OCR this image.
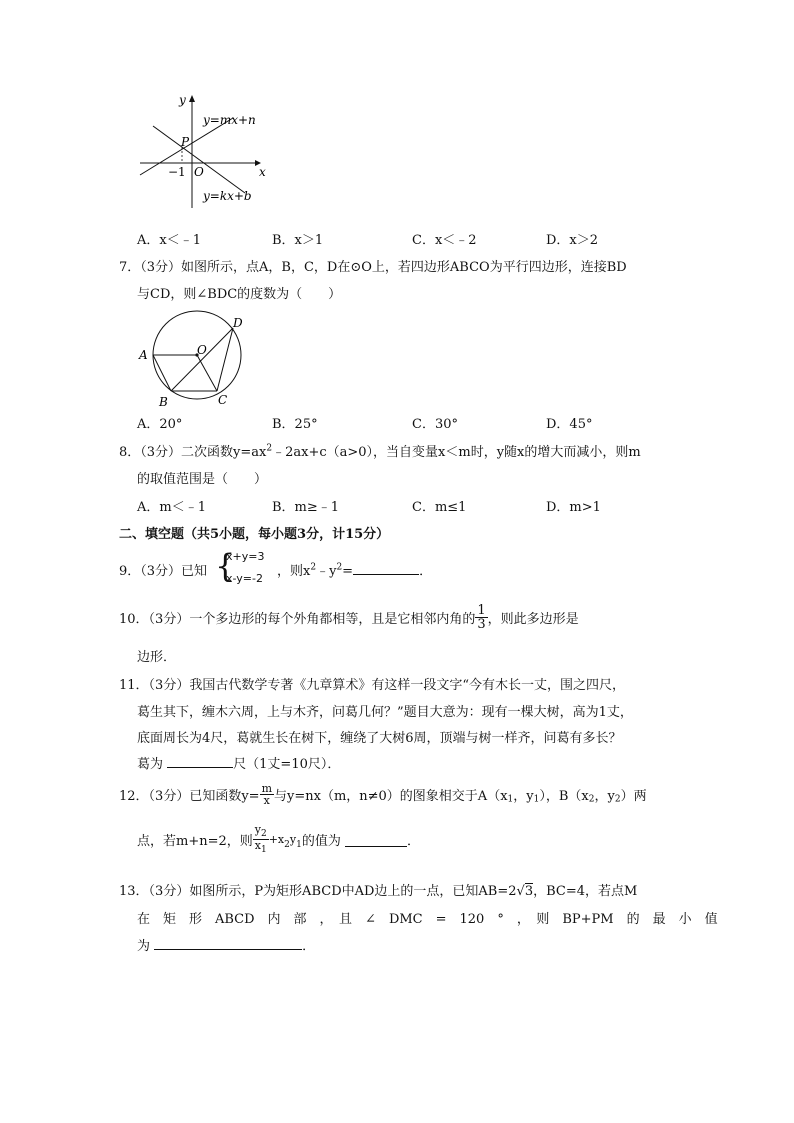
y
x
P
O
−1
y=mx+n
y=kx+b
A．x＜﹣1	B．x＞1	C．x＜﹣2	D．x＞2
7．（3分）如图所示，点A，B，C，D在⊙O上，若四边形ABCO为平行四边形，连接BD
与CD，则∠BDC的度数为（　　）
A
B	C
D
O
A．20°	B．25°	C．30°	D．45°
8．（3分）二次函数$y=ax^2﹣2ax+c(a>0)$，当自变量x＜m时，y随x的增大而减小，则m
的取值范围是（　　）
A．m＜﹣1	B．m≥﹣1	C．m≤1	D．m>1
二、填空题（共5小题，每小题3分，计15分）
9．（3分）已知 {
x+y=3
x-y=-2 ，则$x^2﹣y^2=$	．
10．（3分）一个多边形的每个外角都相等，且是它相邻内角的 $\frac{1}{3}$ ，则此多边形是
边形．
11．（3分）我国古代数学专著《九章算术》有这样一段文字“今有木长一丈，围之四尺，
葛生其下，缠木六周，上与木齐，问葛几何？”题目大意为：现有一棵大树，高为1丈，
底面周长为4尺，葛就生长在树下，缠绕了大树6周，顶端与树一样齐，问葛有多长？
葛为	尺（1丈=10尺）．
12．（3分）已知函数$y= \frac{m}{x}$ 与y=nx（m，n≠0）的图象相交于$A(x_1$，$y_1$），$B(x_2$，$y_2$）两
点，若m+n=2，则 $\frac{y_2}{x_1} +x_2y_1$的值为	．
13．（3分）如图所示，P为矩形ABCD中AD边上的一点，已知AB=2√3，BC=4，若点M
在　矩　形　ABCD　内　部　，　且　∠　DMC　=　120　°　，　则　BP+PM　的　最　小　值
为	．
